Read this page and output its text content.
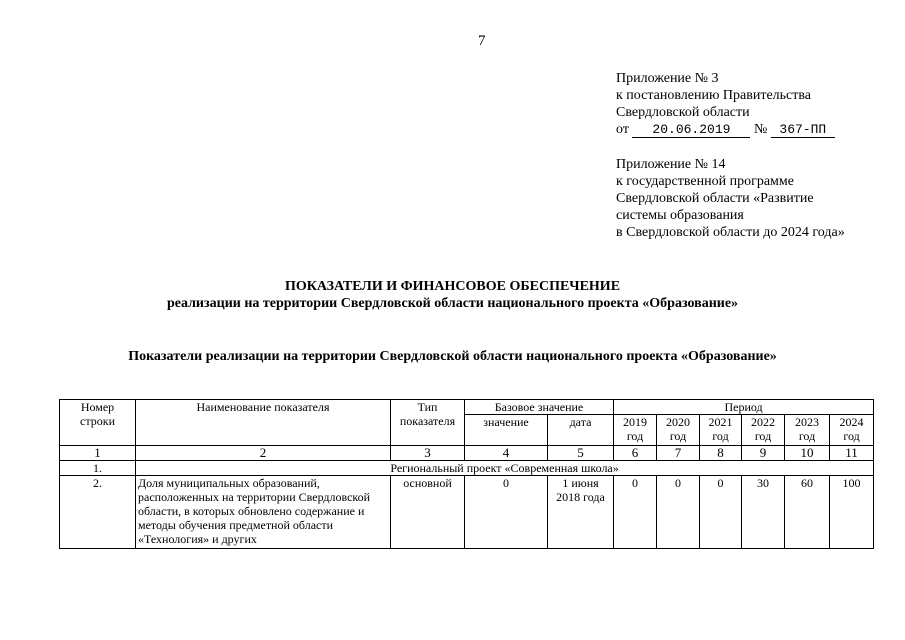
7
Приложение № 3
к постановлению Правительства
Свердловской области
от 20.06.2019 № 367-ПП
Приложение № 14
к государственной программе
Свердловской области «Развитие
системы образования
в Свердловской области до 2024 года»
ПОКАЗАТЕЛИ И ФИНАНСОВОЕ ОБЕСПЕЧЕНИЕ
реализации на территории Свердловской области национального проекта «Образование»
Показатели реализации на территории Свердловской области национального проекта «Образование»
Номер строки	Наименование показателя	Тип показателя	Базовое значение		Период					
			значение	дата	2019 год	2020 год	2021 год	2022 год	2023 год	2024 год
1	2	3	4	5	6	7	8	9	10	11
1.	Региональный проект «Современная школа»									
2.	Доля муниципальных образований, расположенных на территории Свердловской области, в которых обновлено содержание и методы обучения предметной области «Технология» и других	основной	0	1 июня 2018 года	0	0	0	30	60	100
